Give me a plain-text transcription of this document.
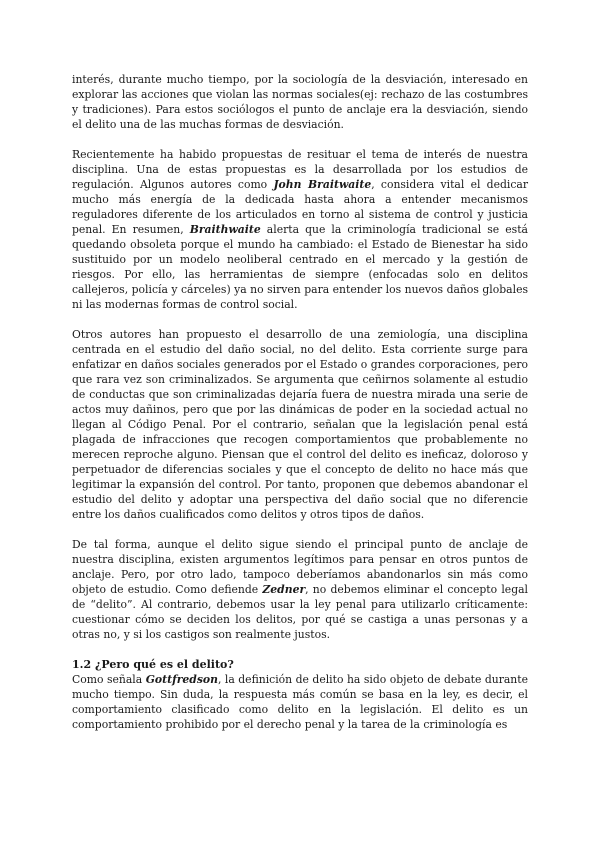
interés, durante mucho tiempo, por la sociología de la desviación, interesado en explorar las acciones que violan las normas sociales(ej: rechazo de las costumbres y tradiciones). Para estos sociólogos el punto de anclaje era la desviación, siendo el delito una de las muchas formas de desviación.

Recientemente ha habido propuestas de resituar el tema de interés de nuestra disciplina. Una de estas propuestas es la desarrollada por los estudios de regulación. Algunos autores como John Braitwaite, considera vital el dedicar mucho más energía de la dedicada hasta ahora a entender mecanismos reguladores diferente de los articulados en torno al sistema de control y justicia penal. En resumen, Braithwaite alerta que la criminología tradicional se está quedando obsoleta porque el mundo ha cambiado: el Estado de Bienestar ha sido sustituido por un modelo neoliberal centrado en el mercado y la gestión de riesgos. Por ello, las herramientas de siempre (enfocadas solo en delitos callejeros, policía y cárceles) ya no sirven para entender los nuevos daños globales ni las modernas formas de control social.

Otros autores han propuesto el desarrollo de una zemiología, una disciplina centrada en el estudio del daño social, no del delito. Esta corriente surge para enfatizar en daños sociales generados por el Estado o grandes corporaciones, pero que rara vez son criminalizados. Se argumenta que ceñirnos solamente al estudio de conductas que son criminalizadas dejaría fuera de nuestra mirada una serie de actos muy dañinos, pero que por las dinámicas de poder en la sociedad actual no llegan al Código Penal. Por el contrario, señalan que la legislación penal está plagada de infracciones que recogen comportamientos que probablemente no merecen reproche alguno. Piensan que el control del delito es ineficaz, doloroso y perpetuador de diferencias sociales y que el concepto de delito no hace más que legitimar la expansión del control. Por tanto, proponen que debemos abandonar el estudio del delito y adoptar una perspectiva del daño social que no diferencie entre los daños cualificados como delitos y otros tipos de daños.

De tal forma, aunque el delito sigue siendo el principal punto de anclaje de nuestra disciplina, existen argumentos legítimos para pensar en otros puntos de anclaje. Pero, por otro lado, tampoco deberíamos abandonarlos sin más como objeto de estudio. Como defiende Zedner, no debemos eliminar el concepto legal de “delito”. Al contrario, debemos usar la ley penal para utilizarlo críticamente: cuestionar cómo se deciden los delitos, por qué se castiga a unas personas y a otras no, y si los castigos son realmente justos.

1.2 ¿Pero qué es el delito?

Como señala Gottfredson, la definición de delito ha sido objeto de debate durante mucho tiempo. Sin duda, la respuesta más común se basa en la ley, es decir, el comportamiento clasificado como delito en la legislación. El delito es un comportamiento prohibido por el derecho penal y la tarea de la criminología es
